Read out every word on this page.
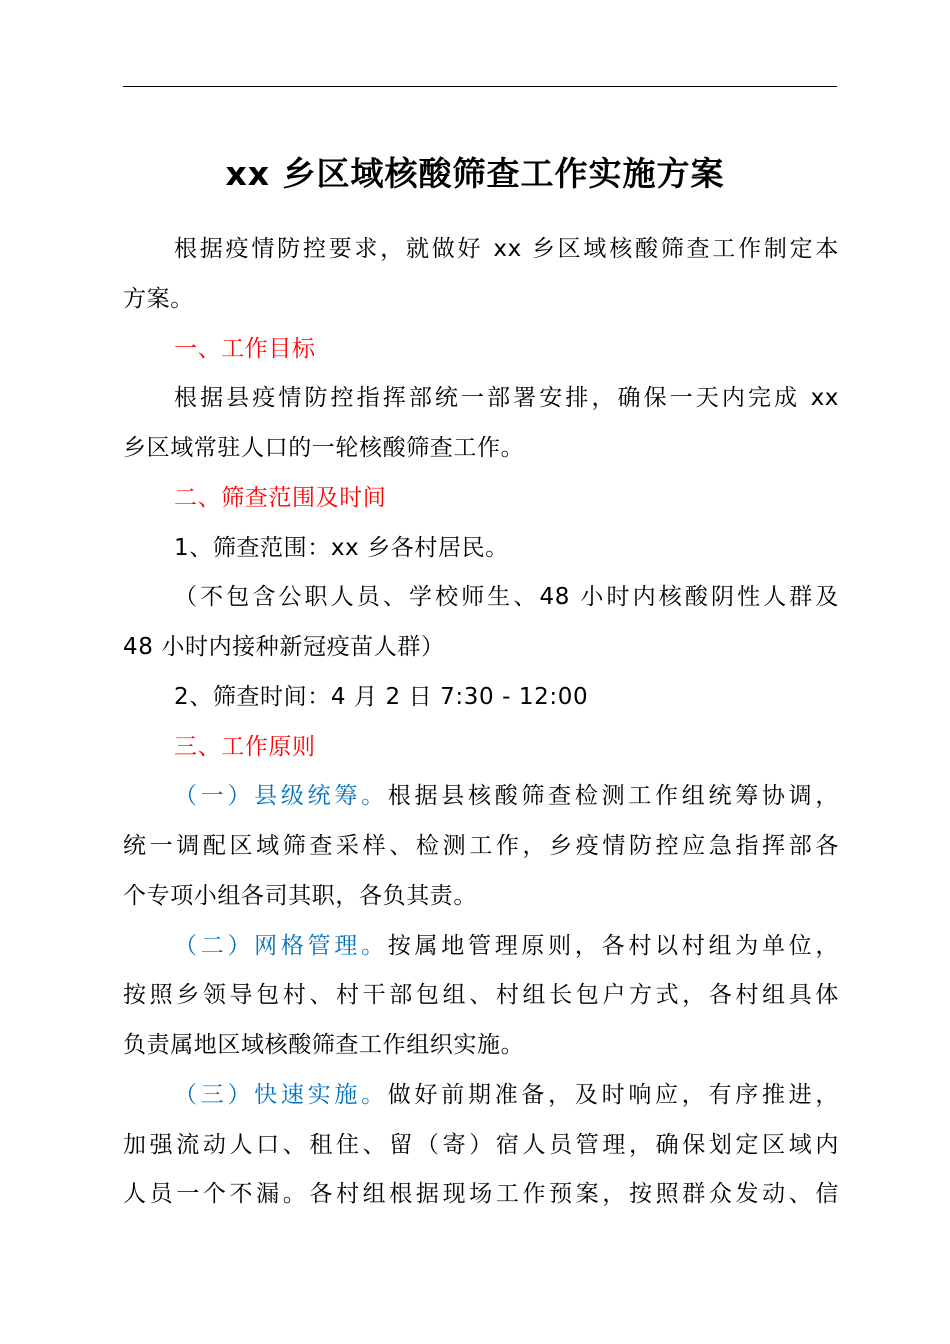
xx 乡区域核酸筛查工作实施方案
根据疫情防控要求，就做好 xx 乡区域核酸筛查工作制定本
方案。
一、工作目标
根据县疫情防控指挥部统一部署安排，确保一天内完成 xx
乡区域常驻人口的一轮核酸筛查工作。
二、筛查范围及时间
1、筛查范围：xx 乡各村居民。
（不包含公职人员、学校师生、48 小时内核酸阴性人群及
48 小时内接种新冠疫苗人群）
2、筛查时间：4 月 2 日 7:30 - 12:00
三、工作原则
（一）县级统筹。根据县核酸筛查检测工作组统筹协调，
统一调配区域筛查采样、检测工作，乡疫情防控应急指挥部各
个专项小组各司其职，各负其责。
（二）网格管理。按属地管理原则，各村以村组为单位，
按照乡领导包村、村干部包组、村组长包户方式，各村组具体
负责属地区域核酸筛查工作组织实施。
（三）快速实施。做好前期准备，及时响应，有序推进，
加强流动人口、租住、留（寄）宿人员管理，确保划定区域内
人员一个不漏。各村组根据现场工作预案，按照群众发动、信
